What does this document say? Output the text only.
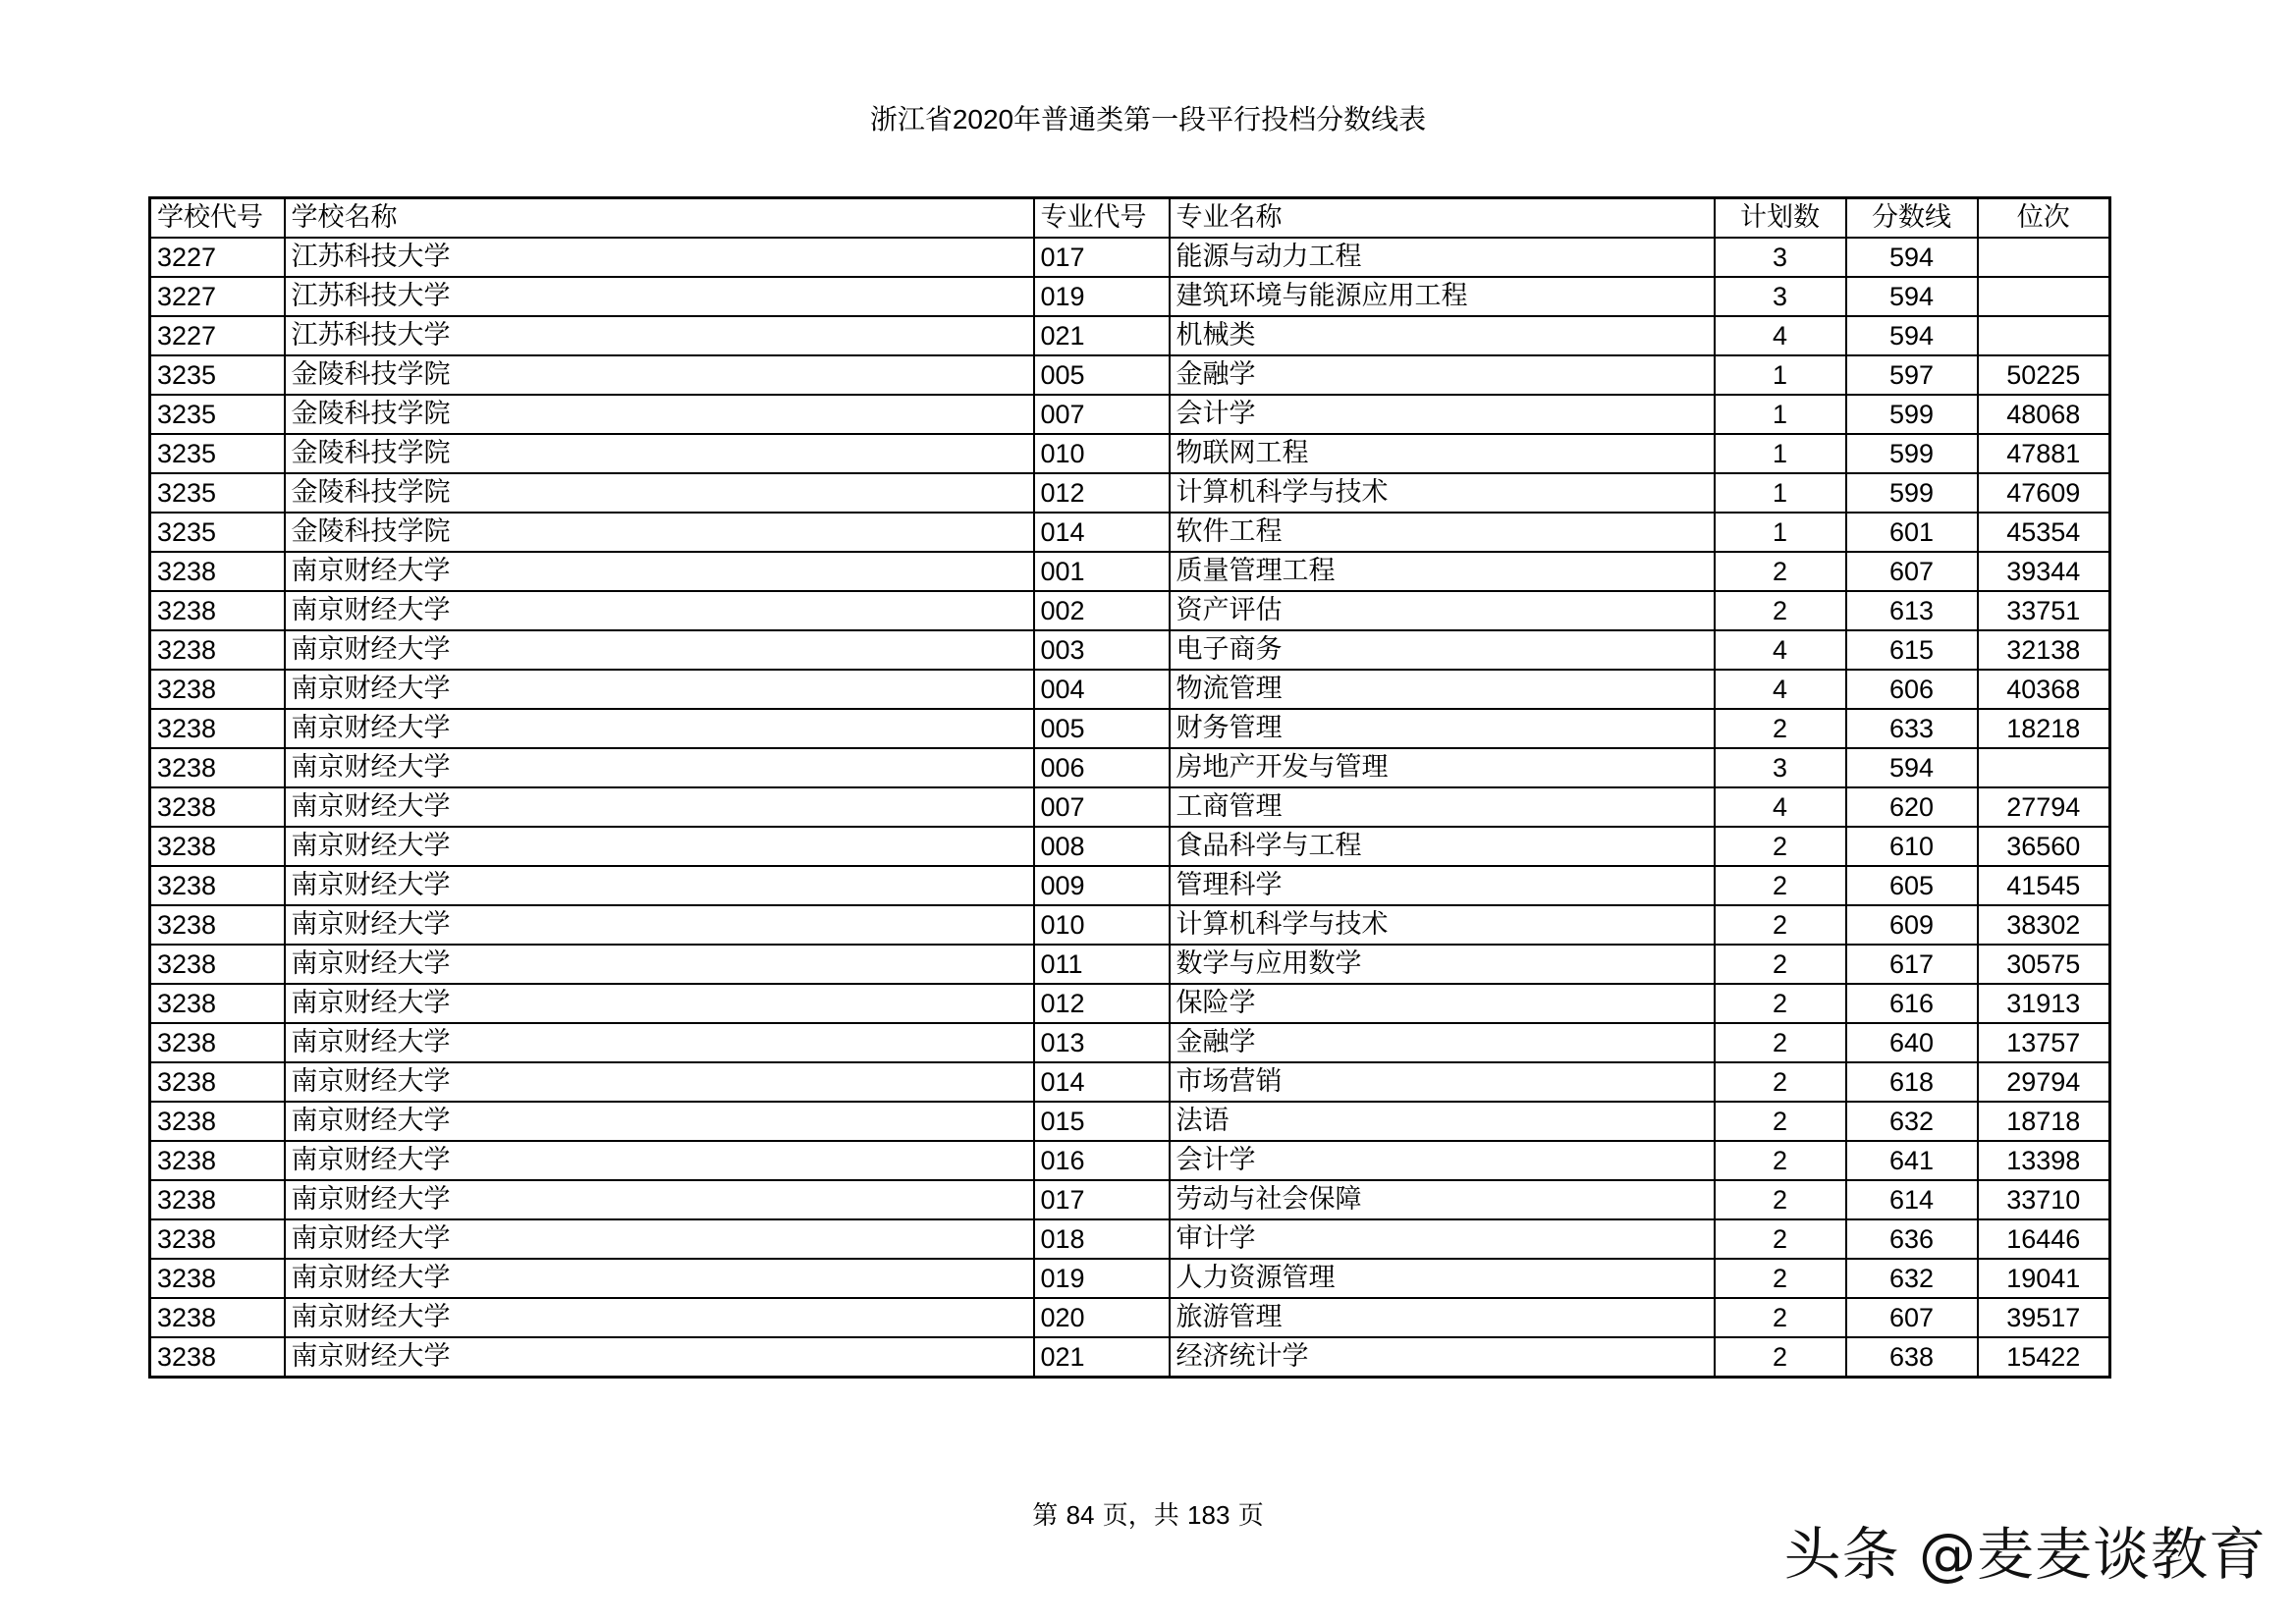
浙江省2020年普通类第一段平行投档分数线表
学校代号	学校名称	专业代号	专业名称	计划数	分数线	位次
3227	江苏科技大学	017	能源与动力工程	3	594	
3227	江苏科技大学	019	建筑环境与能源应用工程	3	594	
3227	江苏科技大学	021	机械类	4	594	
3235	金陵科技学院	005	金融学	1	597	50225
3235	金陵科技学院	007	会计学	1	599	48068
3235	金陵科技学院	010	物联网工程	1	599	47881
3235	金陵科技学院	012	计算机科学与技术	1	599	47609
3235	金陵科技学院	014	软件工程	1	601	45354
3238	南京财经大学	001	质量管理工程	2	607	39344
3238	南京财经大学	002	资产评估	2	613	33751
3238	南京财经大学	003	电子商务	4	615	32138
3238	南京财经大学	004	物流管理	4	606	40368
3238	南京财经大学	005	财务管理	2	633	18218
3238	南京财经大学	006	房地产开发与管理	3	594	
3238	南京财经大学	007	工商管理	4	620	27794
3238	南京财经大学	008	食品科学与工程	2	610	36560
3238	南京财经大学	009	管理科学	2	605	41545
3238	南京财经大学	010	计算机科学与技术	2	609	38302
3238	南京财经大学	011	数学与应用数学	2	617	30575
3238	南京财经大学	012	保险学	2	616	31913
3238	南京财经大学	013	金融学	2	640	13757
3238	南京财经大学	014	市场营销	2	618	29794
3238	南京财经大学	015	法语	2	632	18718
3238	南京财经大学	016	会计学	2	641	13398
3238	南京财经大学	017	劳动与社会保障	2	614	33710
3238	南京财经大学	018	审计学	2	636	16446
3238	南京财经大学	019	人力资源管理	2	632	19041
3238	南京财经大学	020	旅游管理	2	607	39517
3238	南京财经大学	021	经济统计学	2	638	15422
第 84 页，共 183 页
头条 @麦麦谈教育
